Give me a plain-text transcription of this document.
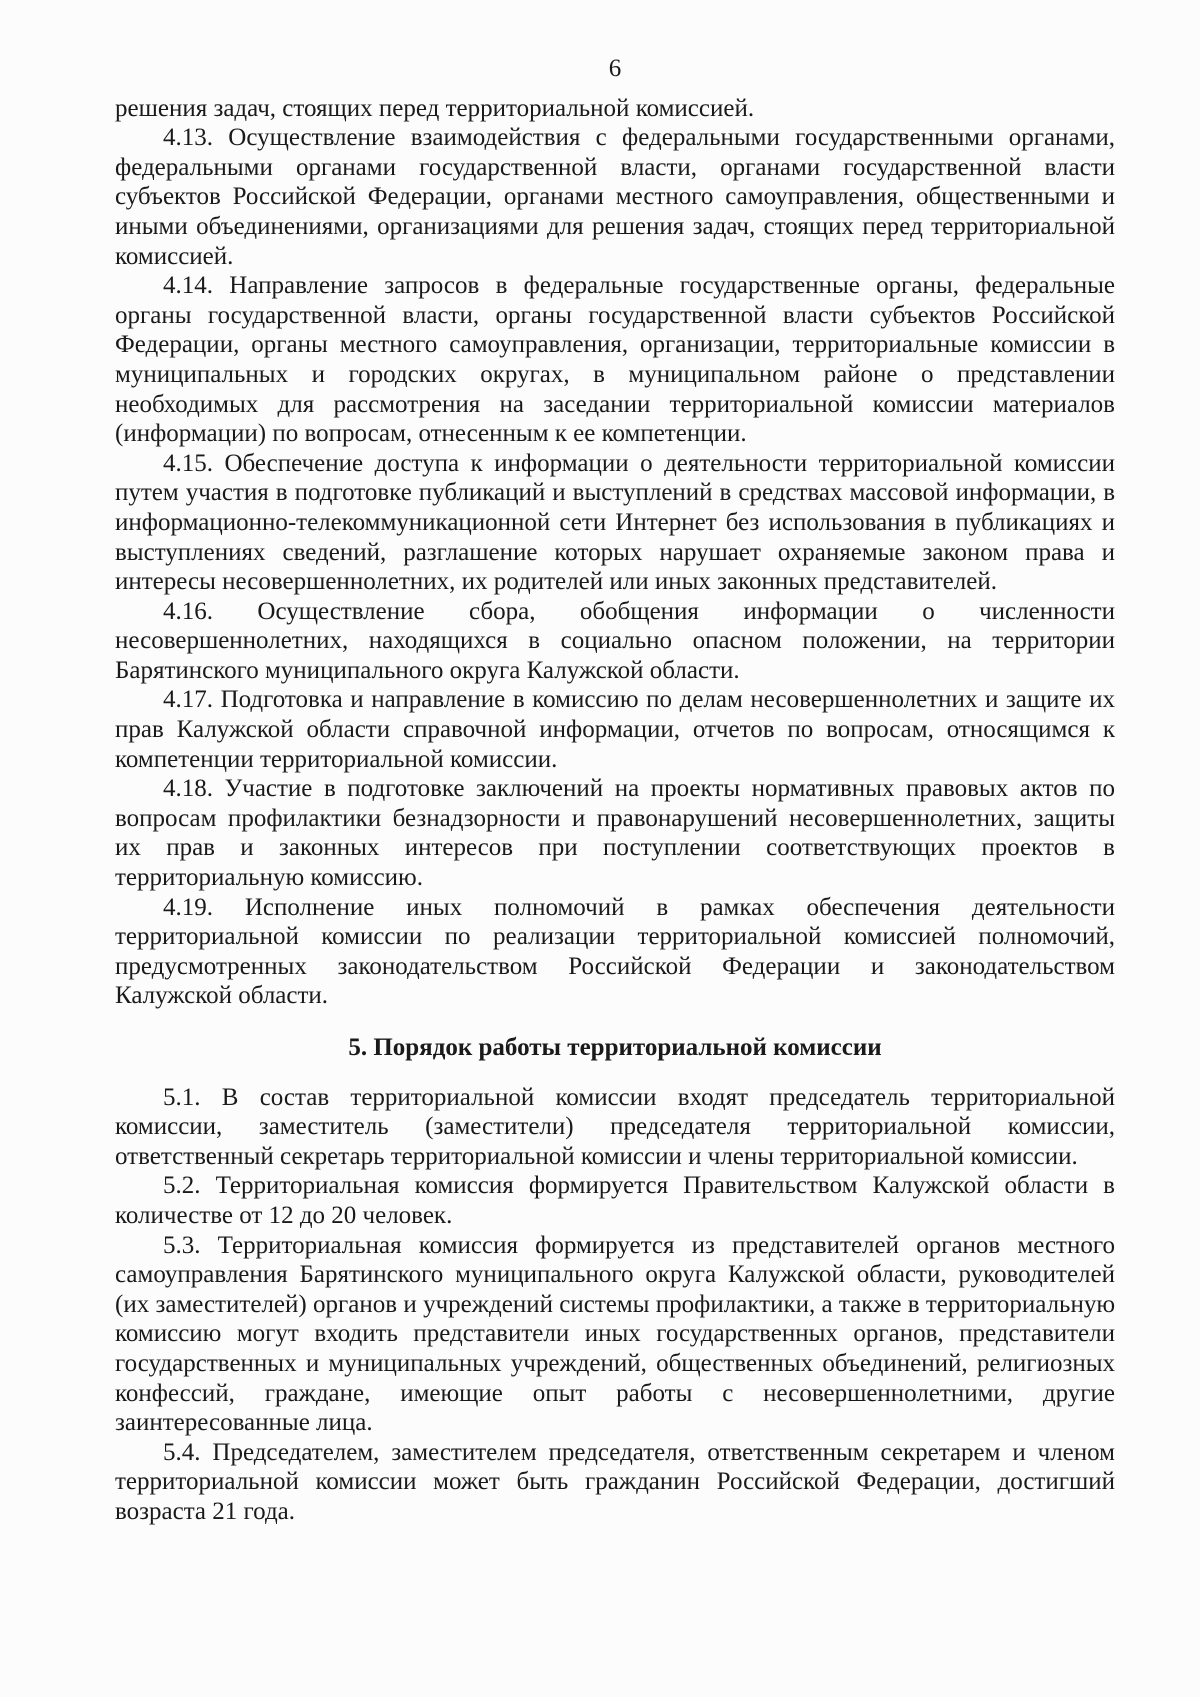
6

решения задач, стоящих перед территориальной комиссией.

4.13. Осуществление взаимодействия с федеральными государственными органами, федеральными органами государственной власти, органами государственной власти субъектов Российской Федерации, органами местного самоуправления, общественными и иными объединениями, организациями для решения задач, стоящих перед территориальной комиссией.

4.14. Направление запросов в федеральные государственные органы, федеральные органы государственной власти, органы государственной власти субъектов Российской Федерации, органы местного самоуправления, организации, территориальные комиссии в муниципальных и городских округах, в муниципальном районе о представлении необходимых для рассмотрения на заседании территориальной комиссии материалов (информации) по вопросам, отнесенным к ее компетенции.

4.15. Обеспечение доступа к информации о деятельности территориальной комиссии путем участия в подготовке публикаций и выступлений в средствах массовой информации, в информационно-телекоммуникационной сети Интернет без использования в публикациях и выступлениях сведений, разглашение которых нарушает охраняемые законом права и интересы несовершеннолетних, их родителей или иных законных представителей.

4.16. Осуществление сбора, обобщения информации о численности несовершеннолетних, находящихся в социально опасном положении, на территории Барятинского муниципального округа Калужской области.

4.17. Подготовка и направление в комиссию по делам несовершеннолетних и защите их прав Калужской области справочной информации, отчетов по вопросам, относящимся к компетенции территориальной комиссии.

4.18. Участие в подготовке заключений на проекты нормативных правовых актов по вопросам профилактики безнадзорности и правонарушений несовершеннолетних, защиты их прав и законных интересов при поступлении соответствующих проектов в территориальную комиссию.

4.19. Исполнение иных полномочий в рамках обеспечения деятельности территориальной комиссии по реализации территориальной комиссией полномочий, предусмотренных законодательством Российской Федерации и законодательством Калужской области.

5. Порядок работы территориальной комиссии

5.1. В состав территориальной комиссии входят председатель территориальной комиссии, заместитель (заместители) председателя территориальной комиссии, ответственный секретарь территориальной комиссии и члены территориальной комиссии.

5.2. Территориальная комиссия формируется Правительством Калужской области в количестве от 12 до 20 человек.

5.3. Территориальная комиссия формируется из представителей органов местного самоуправления Барятинского муниципального округа Калужской области, руководителей (их заместителей) органов и учреждений системы профилактики, а также в территориальную комиссию могут входить представители иных государственных органов, представители государственных и муниципальных учреждений, общественных объединений, религиозных конфессий, граждане, имеющие опыт работы с несовершеннолетними, другие заинтересованные лица.

5.4. Председателем, заместителем председателя, ответственным секретарем и членом территориальной комиссии может быть гражданин Российской Федерации, достигший возраста 21 года.
